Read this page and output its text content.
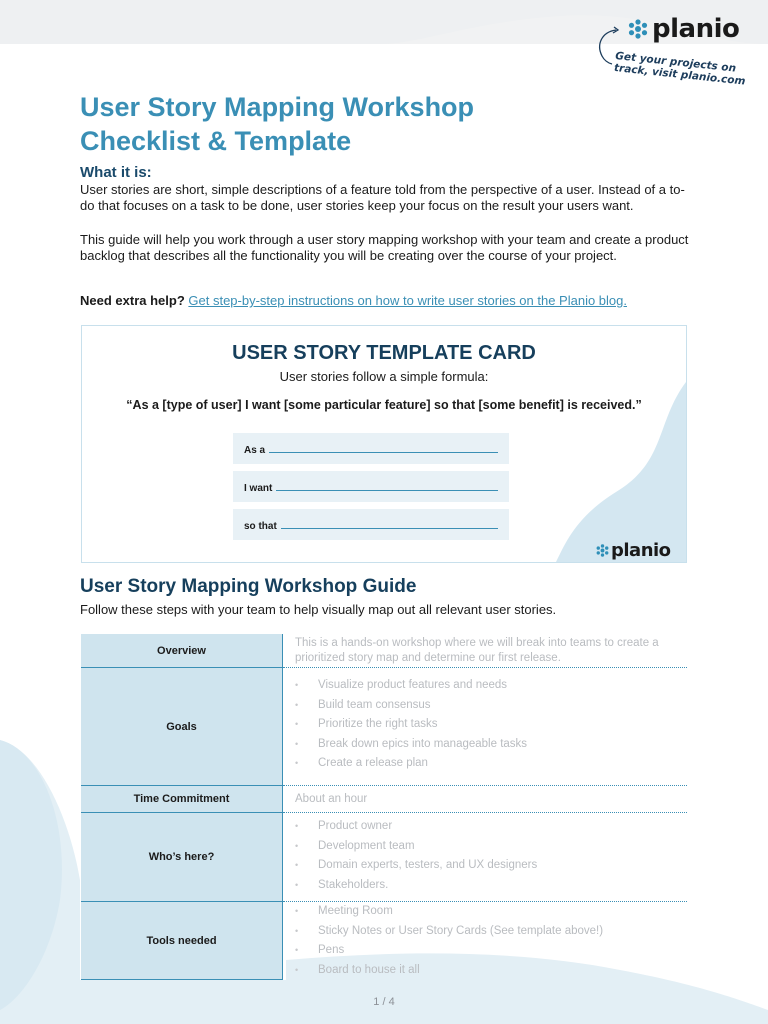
planio
Get your projects on track, visit planio.com
User Story Mapping Workshop Checklist & Template
What it is:
User stories are short, simple descriptions of a feature told from the perspective of a user. Instead of a to-do that focuses on a task to be done, user stories keep your focus on the result your users want.
This guide will help you work through a user story mapping workshop with your team and create a product backlog that describes all the functionality you will be creating over the course of your project.
Need extra help? Get step-by-step instructions on how to write user stories on the Planio blog.
USER STORY TEMPLATE CARD
User stories follow a simple formula:
“As a [type of user] I want [some particular feature] so that [some benefit] is received.”
As a
I want
so that
planio
User Story Mapping Workshop Guide
Follow these steps with your team to help visually map out all relevant user stories.
Overview
This is a hands-on workshop where we will break into teams to create a prioritized story map and determine our first release.
Goals
• Visualize product features and needs
• Build team consensus
• Prioritize the right tasks
• Break down epics into manageable tasks
• Create a release plan
Time Commitment	About an hour
Who’s here?
• Product owner
• Development team
• Domain experts, testers, and UX designers
• Stakeholders.
Tools needed
• Meeting Room
• Sticky Notes or User Story Cards (See template above!)
• Pens
• Board to house it all
1 / 4
